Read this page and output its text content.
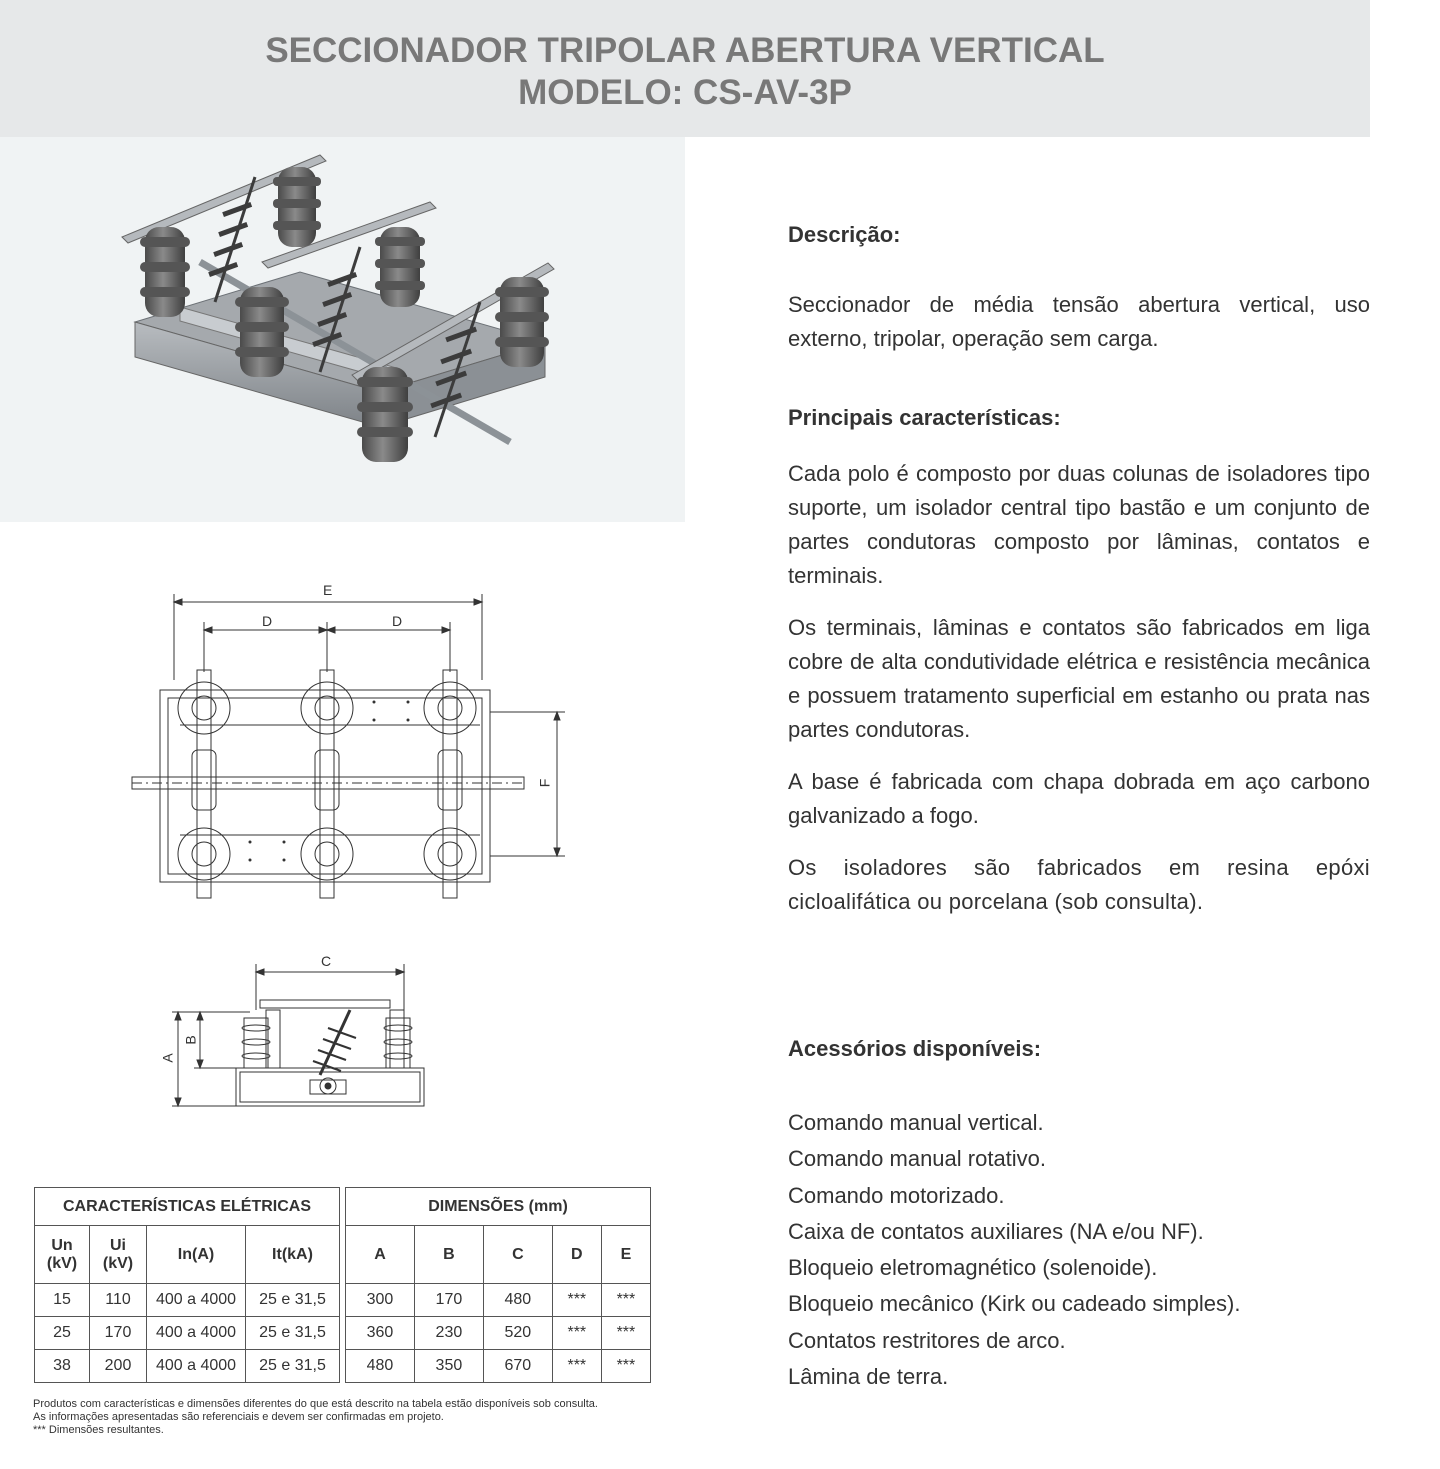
SECCIONADOR TRIPOLAR ABERTURA VERTICAL
MODELO: CS-AV-3P
E
D	D
F
C
A
B
Descrição:

Seccionador de média tensão abertura vertical, uso externo, tripolar, operação sem carga.

Principais características:

Cada polo é composto por duas colunas de isoladores tipo suporte, um isolador central tipo bastão e um conjunto de partes condutoras composto por lâminas, contatos e terminais.

Os terminais, lâminas e contatos são fabricados em liga cobre de alta condutividade elétrica e resistência mecânica e possuem tratamento superficial em estanho ou prata nas partes condutoras.

A base é fabricada com chapa dobrada em aço carbono galvanizado a fogo.

Os isoladores são fabricados em resina epóxi cicloalifática ou porcelana (sob consulta).

Acessórios disponíveis:
Comando manual vertical.
Comando manual rotativo.
Comando motorizado.
Caixa de contatos auxiliares (NA e/ou NF).
Bloqueio eletromagnético (solenoide).
Bloqueio mecânico (Kirk ou cadeado simples).
Contatos restritores de arco.
Lâmina de terra.
CARACTERÍSTICAS ELÉTRICAS			
Un
(kV)	Ui
(kV)	In(A)	It(kA)
15	110	400 a 4000	25 e 31,5
25	170	400 a 4000	25 e 31,5
38	200	400 a 4000	25 e 31,5
DIMENSÕES (mm)				
A	B	C	D	E
300	170	480	***	***
360	230	520	***	***
480	350	670	***	***
Produtos com características e dimensões diferentes do que está descrito na tabela estão disponíveis sob consulta.
As informações apresentadas são referenciais e devem ser confirmadas em projeto.
*** Dimensões resultantes.
